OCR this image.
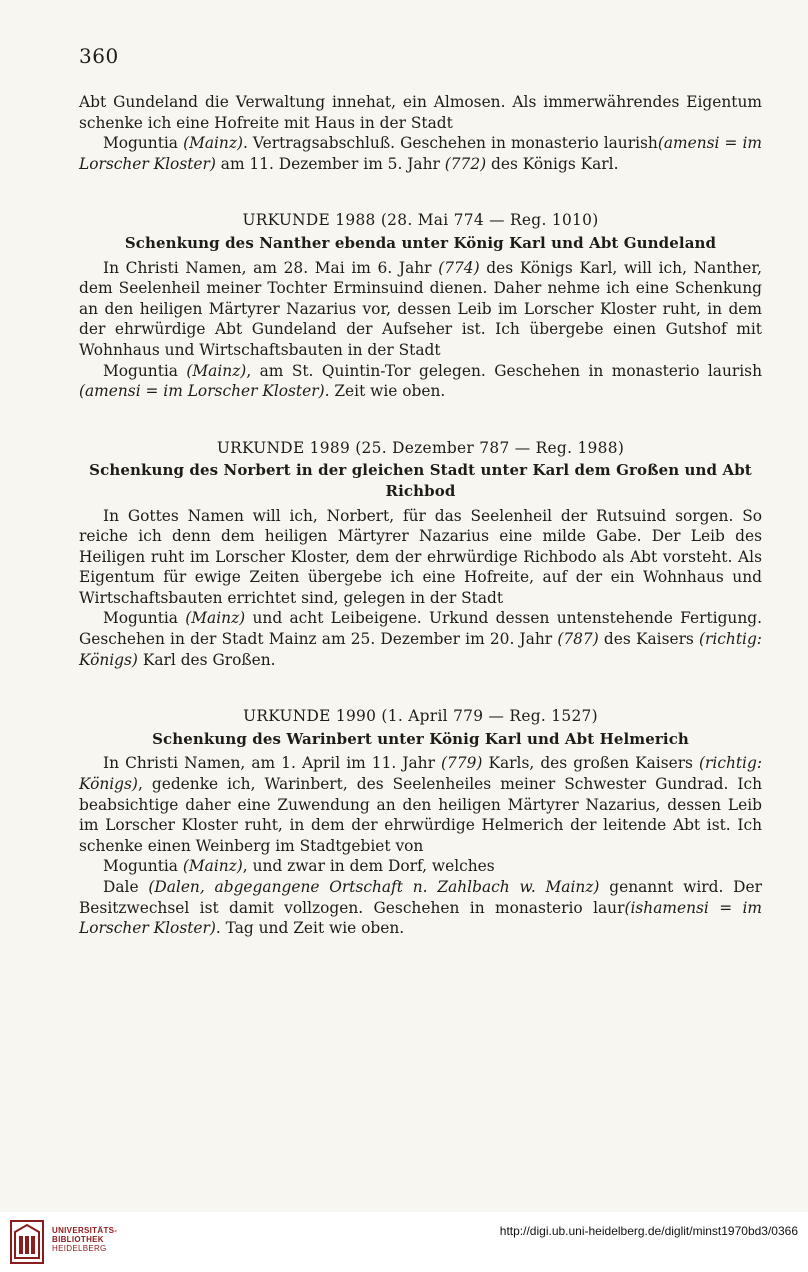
360

Abt Gundeland die Verwaltung innehat, ein Almosen. Als immerwährendes Eigentum schenke ich eine Hofreite mit Haus in der Stadt

Moguntia (Mainz). Vertragsabschluß. Geschehen in monasterio laurish(amensi = im Lorscher Kloster) am 11. Dezember im 5. Jahr (772) des Königs Karl.

URKUNDE 1988 (28. Mai 774 — Reg. 1010)
Schenkung des Nanther ebenda unter König Karl und Abt Gundeland

In Christi Namen, am 28. Mai im 6. Jahr (774) des Königs Karl, will ich, Nanther, dem Seelenheil meiner Tochter Erminsuind dienen. Daher nehme ich eine Schenkung an den heiligen Märtyrer Nazarius vor, dessen Leib im Lorscher Kloster ruht, in dem der ehrwürdige Abt Gundeland der Aufseher ist. Ich übergebe einen Gutshof mit Wohnhaus und Wirtschaftsbauten in der Stadt

Moguntia (Mainz), am St. Quintin-Tor gelegen. Geschehen in monasterio laurish (amensi = im Lorscher Kloster). Zeit wie oben.

URKUNDE 1989 (25. Dezember 787 — Reg. 1988)
Schenkung des Norbert in der gleichen Stadt unter Karl dem Großen und Abt Richbod

In Gottes Namen will ich, Norbert, für das Seelenheil der Rutsuind sorgen. So reiche ich denn dem heiligen Märtyrer Nazarius eine milde Gabe. Der Leib des Heiligen ruht im Lorscher Kloster, dem der ehrwürdige Richbodo als Abt vorsteht. Als Eigentum für ewige Zeiten übergebe ich eine Hofreite, auf der ein Wohnhaus und Wirtschaftsbauten errichtet sind, gelegen in der Stadt

Moguntia (Mainz) und acht Leibeigene. Urkund dessen untenstehende Fertigung. Geschehen in der Stadt Mainz am 25. Dezember im 20. Jahr (787) des Kaisers (richtig: Königs) Karl des Großen.

URKUNDE 1990 (1. April 779 — Reg. 1527)
Schenkung des Warinbert unter König Karl und Abt Helmerich

In Christi Namen, am 1. April im 11. Jahr (779) Karls, des großen Kaisers (richtig: Königs), gedenke ich, Warinbert, des Seelenheiles meiner Schwester Gundrad. Ich beabsichtige daher eine Zuwendung an den heiligen Märtyrer Nazarius, dessen Leib im Lorscher Kloster ruht, in dem der ehrwürdige Helmerich der leitende Abt ist. Ich schenke einen Weinberg im Stadtgebiet von

Moguntia (Mainz), und zwar in dem Dorf, welches

Dale (Dalen, abgegangene Ortschaft n. Zahlbach w. Mainz) genannt wird. Der Besitzwechsel ist damit vollzogen. Geschehen in monasterio laur(ishamensi = im Lorscher Kloster). Tag und Zeit wie oben.

UNIVERSITÄTS-
BIBLIOTHEK
HEIDELBERG
http://digi.ub.uni-heidelberg.de/diglit/minst1970bd3/0366
